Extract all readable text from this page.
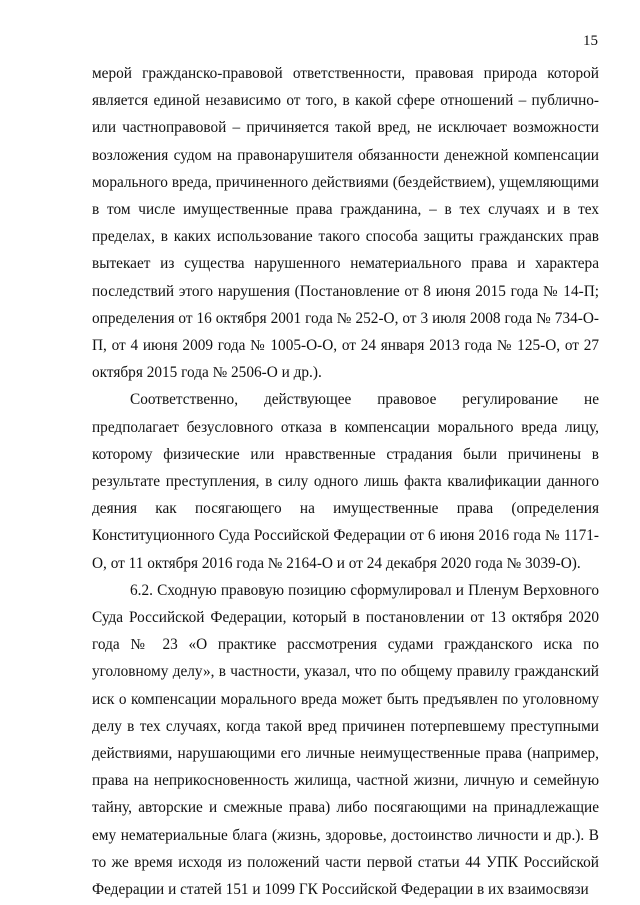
15

мерой гражданско-правовой ответственности, правовая природа которой является единой независимо от того, в какой сфере отношений – публично- или частноправовой – причиняется такой вред, не исключает возможности возложения судом на правонарушителя обязанности денежной компенсации морального вреда, причиненного действиями (бездействием), ущемляющими в том числе имущественные права гражданина, – в тех случаях и в тех пределах, в каких использование такого способа защиты гражданских прав вытекает из существа нарушенного нематериального права и характера последствий этого нарушения (Постановление от 8 июня 2015 года № 14-П; определения от 16 октября 2001 года № 252-О, от 3 июля 2008 года № 734-О-П, от 4 июня 2009 года № 1005-О-О, от 24 января 2013 года № 125-О, от 27 октября 2015 года № 2506-О и др.).

Соответственно, действующее правовое регулирование не предполагает безусловного отказа в компенсации морального вреда лицу, которому физические или нравственные страдания были причинены в результате преступления, в силу одного лишь факта квалификации данного деяния как посягающего на имущественные права (определения Конституционного Суда Российской Федерации от 6 июня 2016 года № 1171-О, от 11 октября 2016 года № 2164-О и от 24 декабря 2020 года № 3039-О).

6.2. Сходную правовую позицию сформулировал и Пленум Верховного Суда Российской Федерации, который в постановлении от 13 октября 2020 года № 23 «О практике рассмотрения судами гражданского иска по уголовному делу», в частности, указал, что по общему правилу гражданский иск о компенсации морального вреда может быть предъявлен по уголовному делу в тех случаях, когда такой вред причинен потерпевшему преступными действиями, нарушающими его личные неимущественные права (например, права на неприкосновенность жилища, частной жизни, личную и семейную тайну, авторские и смежные права) либо посягающими на принадлежащие ему нематериальные блага (жизнь, здоровье, достоинство личности и др.). В то же время исходя из положений части первой статьи 44 УПК Российской Федерации и статей 151 и 1099 ГК Российской Федерации в их взаимосвязи
